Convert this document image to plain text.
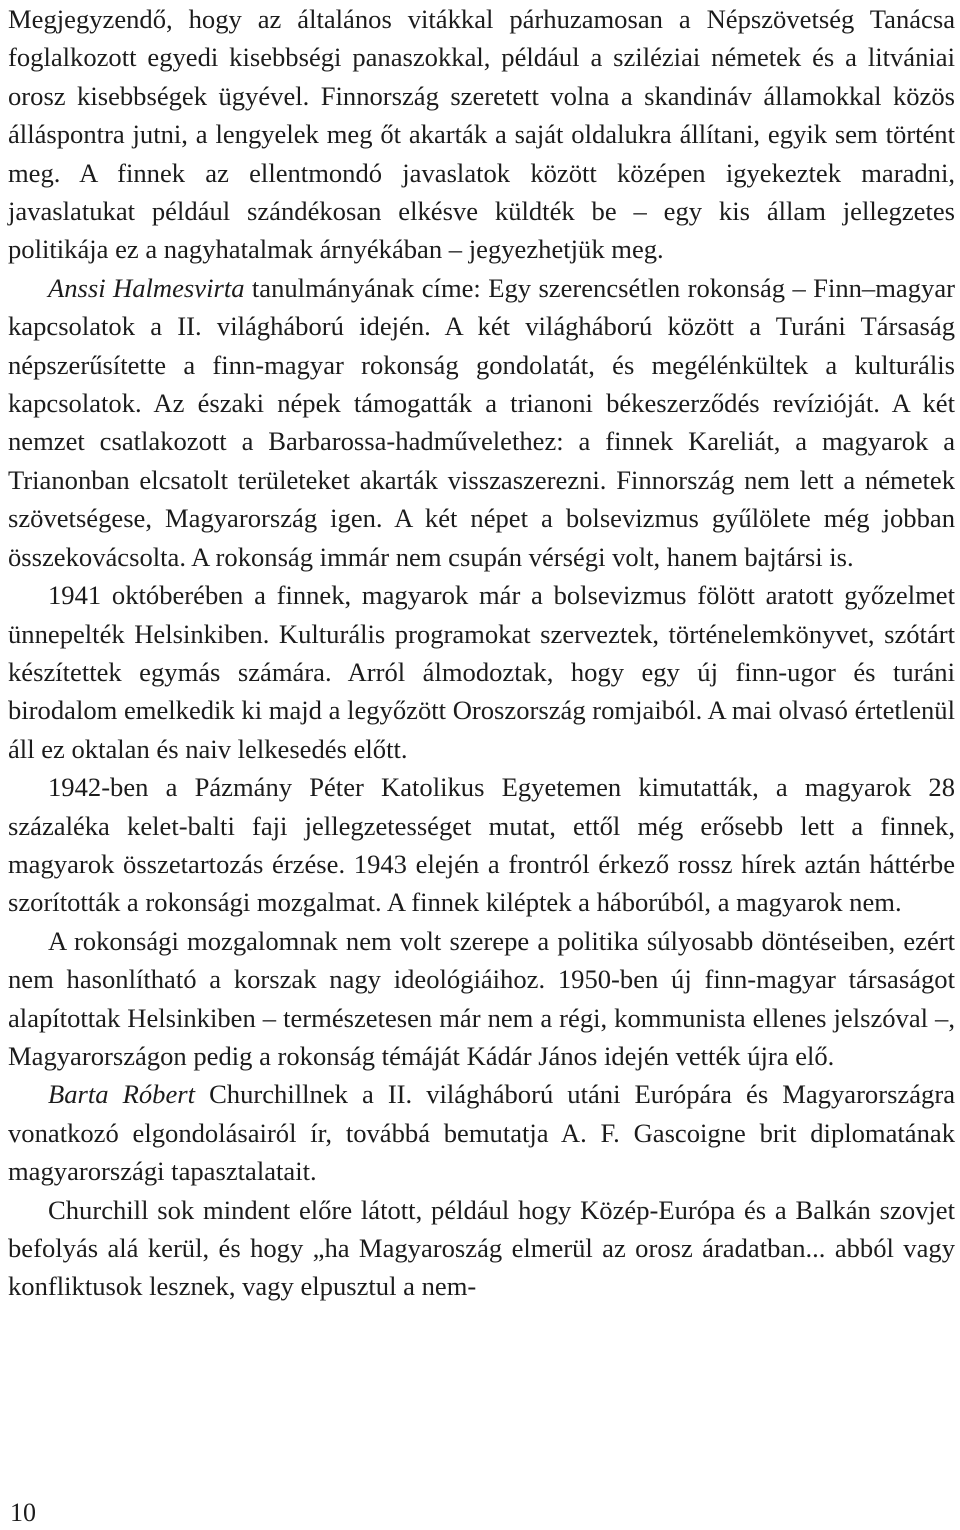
Megjegyzendő, hogy az általános vitákkal párhuzamosan a Népszövetség Tanácsa foglalkozott egyedi kisebbségi panaszokkal, például a sziléziai németek és a litvániai orosz kisebbségek ügyével. Finnország szeretett volna a skandináv államokkal közös álláspontra jutni, a lengyelek meg őt akarták a saját oldalukra állítani, egyik sem történt meg. A finnek az ellentmondó javaslatok között középen igyekeztek maradni, javaslatukat például szándékosan elkésve küldték be – egy kis állam jellegzetes politikája ez a nagyhatalmak árnyékában – jegyezhetjük meg.

Anssi Halmesvirta tanulmányának címe: Egy szerencsétlen rokonság – Finn–magyar kapcsolatok a II. világháború idején. A két világháború között a Turáni Társaság népszerűsítette a finn-magyar rokonság gondolatát, és megélénkültek a kulturális kapcsolatok. Az északi népek támogatták a trianoni békeszerződés revízióját. A két nemzet csatlakozott a Barbarossa-hadművelethez: a finnek Kareliát, a magyarok a Trianonban elcsatolt területeket akarták visszaszerezni. Finnország nem lett a németek szövetségese, Magyarország igen. A két népet a bolsevizmus gyűlölete még jobban összekovácsolta. A rokonság immár nem csupán vérségi volt, hanem bajtársi is.

1941 októberében a finnek, magyarok már a bolsevizmus fölött aratott győzelmet ünnepelték Helsinkiben. Kulturális programokat szerveztek, történelemkönyvet, szótárt készítettek egymás számára. Arról álmodoztak, hogy egy új finn-ugor és turáni birodalom emelkedik ki majd a legyőzött Oroszország romjaiból. A mai olvasó értetlenül áll ez oktalan és naiv lelkesedés előtt.

1942-ben a Pázmány Péter Katolikus Egyetemen kimutatták, a magyarok 28 százaléka kelet-balti faji jellegzetességet mutat, ettől még erősebb lett a finnek, magyarok összetartozás érzése. 1943 elején a frontról érkező rossz hírek aztán háttérbe szorították a rokonsági mozgalmat. A finnek kiléptek a háborúból, a magyarok nem.

A rokonsági mozgalomnak nem volt szerepe a politika súlyosabb döntéseiben, ezért nem hasonlítható a korszak nagy ideológiáihoz. 1950-ben új finn-magyar társaságot alapítottak Helsinkiben – természetesen már nem a régi, kommunista ellenes jelszóval –, Magyarországon pedig a rokonság témáját Kádár János idején vették újra elő.

Barta Róbert Churchillnek a II. világháború utáni Európára és Magyarországra vonatkozó elgondolásairól ír, továbbá bemutatja A. F. Gascoigne brit diplomatának magyarországi tapasztalatait.

Churchill sok mindent előre látott, például hogy Közép-Európa és a Balkán szovjet befolyás alá kerül, és hogy „ha Magyaroszág elmerül az orosz áradatban... abból vagy konfliktusok lesznek, vagy elpusztul a nem-

10
